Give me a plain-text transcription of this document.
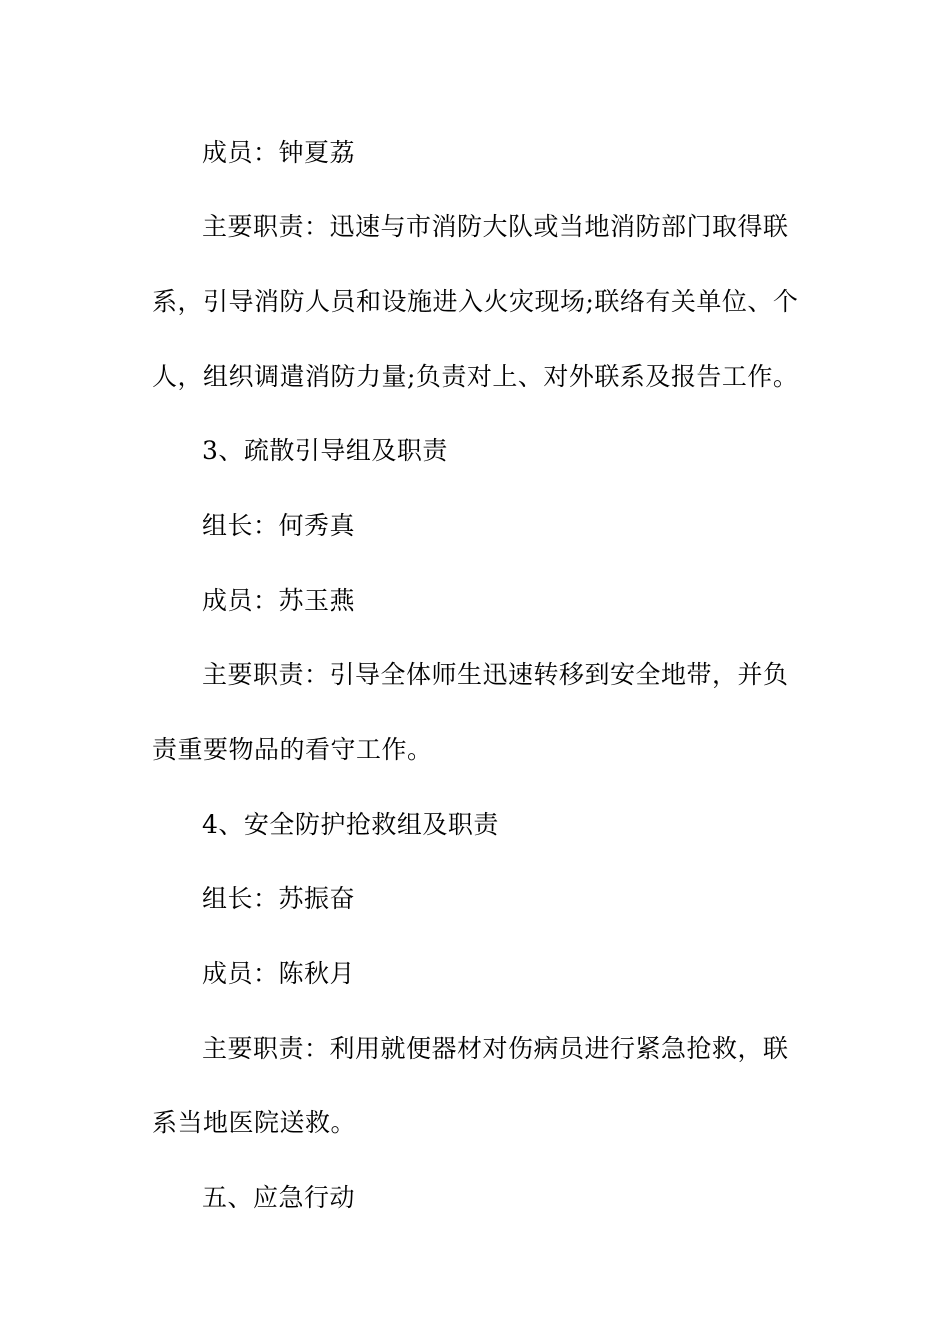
成员：钟夏荔
主要职责：迅速与市消防大队或当地消防部门取得联
系，引导消防人员和设施进入火灾现场;联络有关单位、个
人，组织调遣消防力量;负责对上、对外联系及报告工作。
3、疏散引导组及职责
组长：何秀真
成员：苏玉燕
主要职责：引导全体师生迅速转移到安全地带，并负
责重要物品的看守工作。
4、安全防护抢救组及职责
组长：苏振奋
成员：陈秋月
主要职责：利用就便器材对伤病员进行紧急抢救，联
系当地医院送救。
五、应急行动
